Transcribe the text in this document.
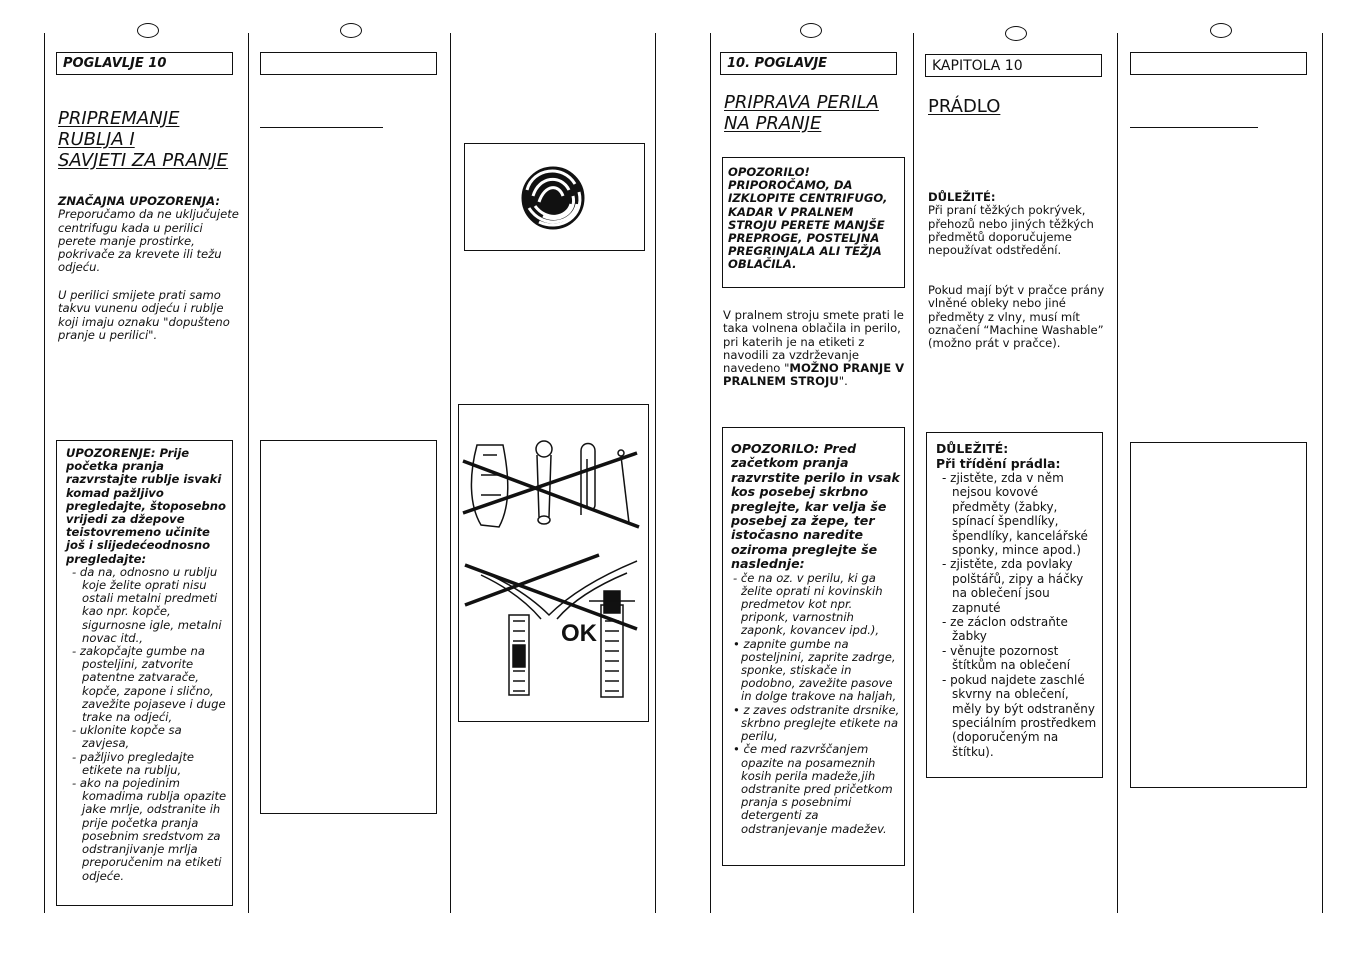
POGLAVLJE 10
PRIPREMANJE
RUBLJA I
SAVJETI ZA PRANJE
ZNAČAJNA UPOZORENJA:
Preporučamo da ne uključujete centrifugu kada u perilici perete manje prostirke, pokrivače za krevete ili težu odjeću.
U perilici smijete prati samo takvu vunenu odjeću i rublje koji imaju oznaku "dopušteno pranje u perilici".
UPOZORENJE: Prije početka pranja razvrstajte rublje isvaki komad pažljivo pregledajte, štoposebno vrijedi za džepove teistovremeno učinite još i slijedećeodnosno pregledajte:
- da na, odnosno u rublju koje želite oprati nisu ostali metalni predmeti kao npr. kopče, sigurnosne igle, metalni novac itd.,
- zakopčajte gumbe na posteljini, zatvorite patentne zatvarače, kopče, zapone i slično, zavežite pojaseve i duge trake na odjeći,
- uklonite kopče sa zavjesa,
- pažljivo pregledajte etikete na rublju,
- ako na pojedinim komadima rublja opazite jake mrlje, odstranite ih prije početka pranja posebnim sredstvom za odstranjivanje mrlja preporučenim na etiketi odjeće.
OK
10. POGLAVJE
PRIPRAVA PERILA
NA PRANJE
OPOZORILO! PRIPOROČAMO, DA IZKLOPITE CENTRIFUGO, KADAR V PRALNEM STROJU PERETE MANJŠE PREPROGE, POSTELJNA PREGRINJALA ALI TEŽJA OBLAČILA.
V pralnem stroju smete prati le taka volnena oblačila in perilo, pri katerih je na etiketi z navodili za vzdrževanje navedeno "MOŽNO PRANJE V PRALNEM STROJU".
OPOZORILO: Pred začetkom pranja razvrstite perilo in vsak kos posebej skrbno preglejte, kar velja še posebej za žepe, ter istočasno naredite oziroma preglejte še naslednje:
- če na oz. v perilu, ki ga želite oprati ni kovinskih predmetov kot npr. priponk, varnostnih zaponk, kovancev ipd.),
• zapnite gumbe na posteljnini, zaprite zadrge, sponke, stiskače in podobno, zavežite pasove in dolge trakove na haljah,
• z zaves odstranite drsnike, skrbno preglejte etikete na perilu,
• če med razvrščanjem opazite na posameznih kosih perila madeže,jih odstranite pred pričetkom pranja s posebnimi detergenti za odstranjevanje madežev.
KAPITOLA 10
PRÁDLO
DŮLEŽITÉ:
Při praní těžkých pokrývek, přehozů nebo jiných těžkých předmětů doporučujeme nepoužívat odstředění.
Pokud mají být v pračce prány vlněné obleky nebo jiné předměty z vlny, musí mít označení “Machine Washable” (možno prát v pračce).
DŮLEŽITÉ:
Při třídění prádla:
- zjistěte, zda v něm nejsou kovové předměty (žabky, spínací špendlíky, špendlíky, kancelářské sponky, mince apod.)
- zjistěte, zda povlaky polštářů, zipy a háčky na oblečení jsou zapnuté
- ze záclon odstraňte žabky
- věnujte pozornost štítkům na oblečení
- pokud najdete zaschlé skvrny na oblečení, měly by být odstraněny speciálním prostředkem (doporučeným na štítku).
